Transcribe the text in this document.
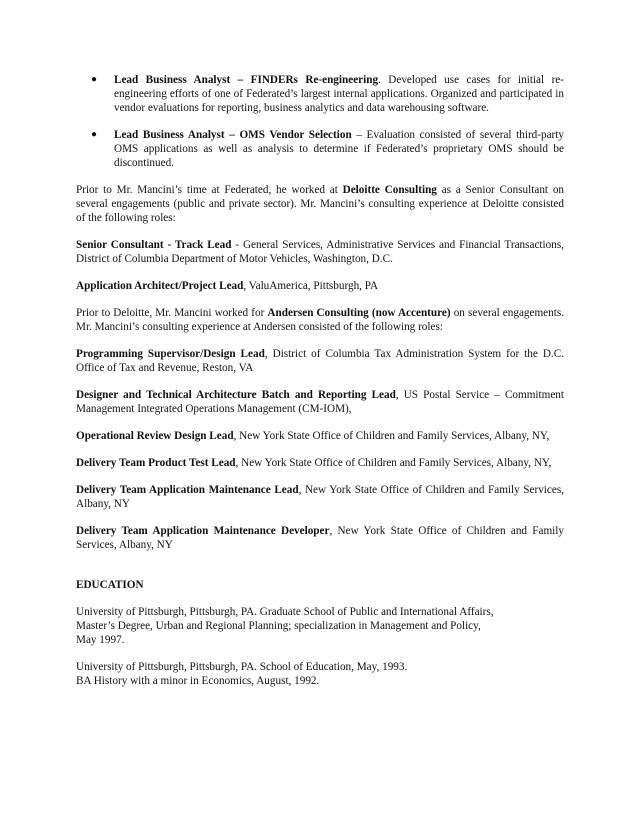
● Lead Business Analyst – FINDERs Re-engineering. Developed use cases for initial re-engineering efforts of one of Federated’s largest internal applications. Organized and participated in vendor evaluations for reporting, business analytics and data warehousing software.
● Lead Business Analyst – OMS Vendor Selection – Evaluation consisted of several third-party OMS applications as well as analysis to determine if Federated’s proprietary OMS should be discontinued.

Prior to Mr. Mancini’s time at Federated, he worked at Deloitte Consulting as a Senior Consultant on several engagements (public and private sector). Mr. Mancini’s consulting experience at Deloitte consisted of the following roles:

Senior Consultant - Track Lead - General Services, Administrative Services and Financial Transactions, District of Columbia Department of Motor Vehicles, Washington, D.C.

Application Architect/Project Lead, ValuAmerica, Pittsburgh, PA

Prior to Deloitte, Mr. Mancini worked for Andersen Consulting (now Accenture) on several engagements. Mr. Mancini’s consulting experience at Andersen consisted of the following roles:

Programming Supervisor/Design Lead, District of Columbia Tax Administration System for the D.C. Office of Tax and Revenue, Reston, VA

Designer and Technical Architecture Batch and Reporting Lead, US Postal Service – Commitment Management Integrated Operations Management (CM-IOM),

Operational Review Design Lead, New York State Office of Children and Family Services, Albany, NY,

Delivery Team Product Test Lead, New York State Office of Children and Family Services, Albany, NY,

Delivery Team Application Maintenance Lead, New York State Office of Children and Family Services, Albany, NY

Delivery Team Application Maintenance Developer, New York State Office of Children and Family Services, Albany, NY

EDUCATION

University of Pittsburgh, Pittsburgh, PA. Graduate School of Public and International Affairs,
Master’s Degree, Urban and Regional Planning; specialization in Management and Policy,
May 1997.

University of Pittsburgh, Pittsburgh, PA. School of Education, May, 1993.
BA History with a minor in Economics, August, 1992.
